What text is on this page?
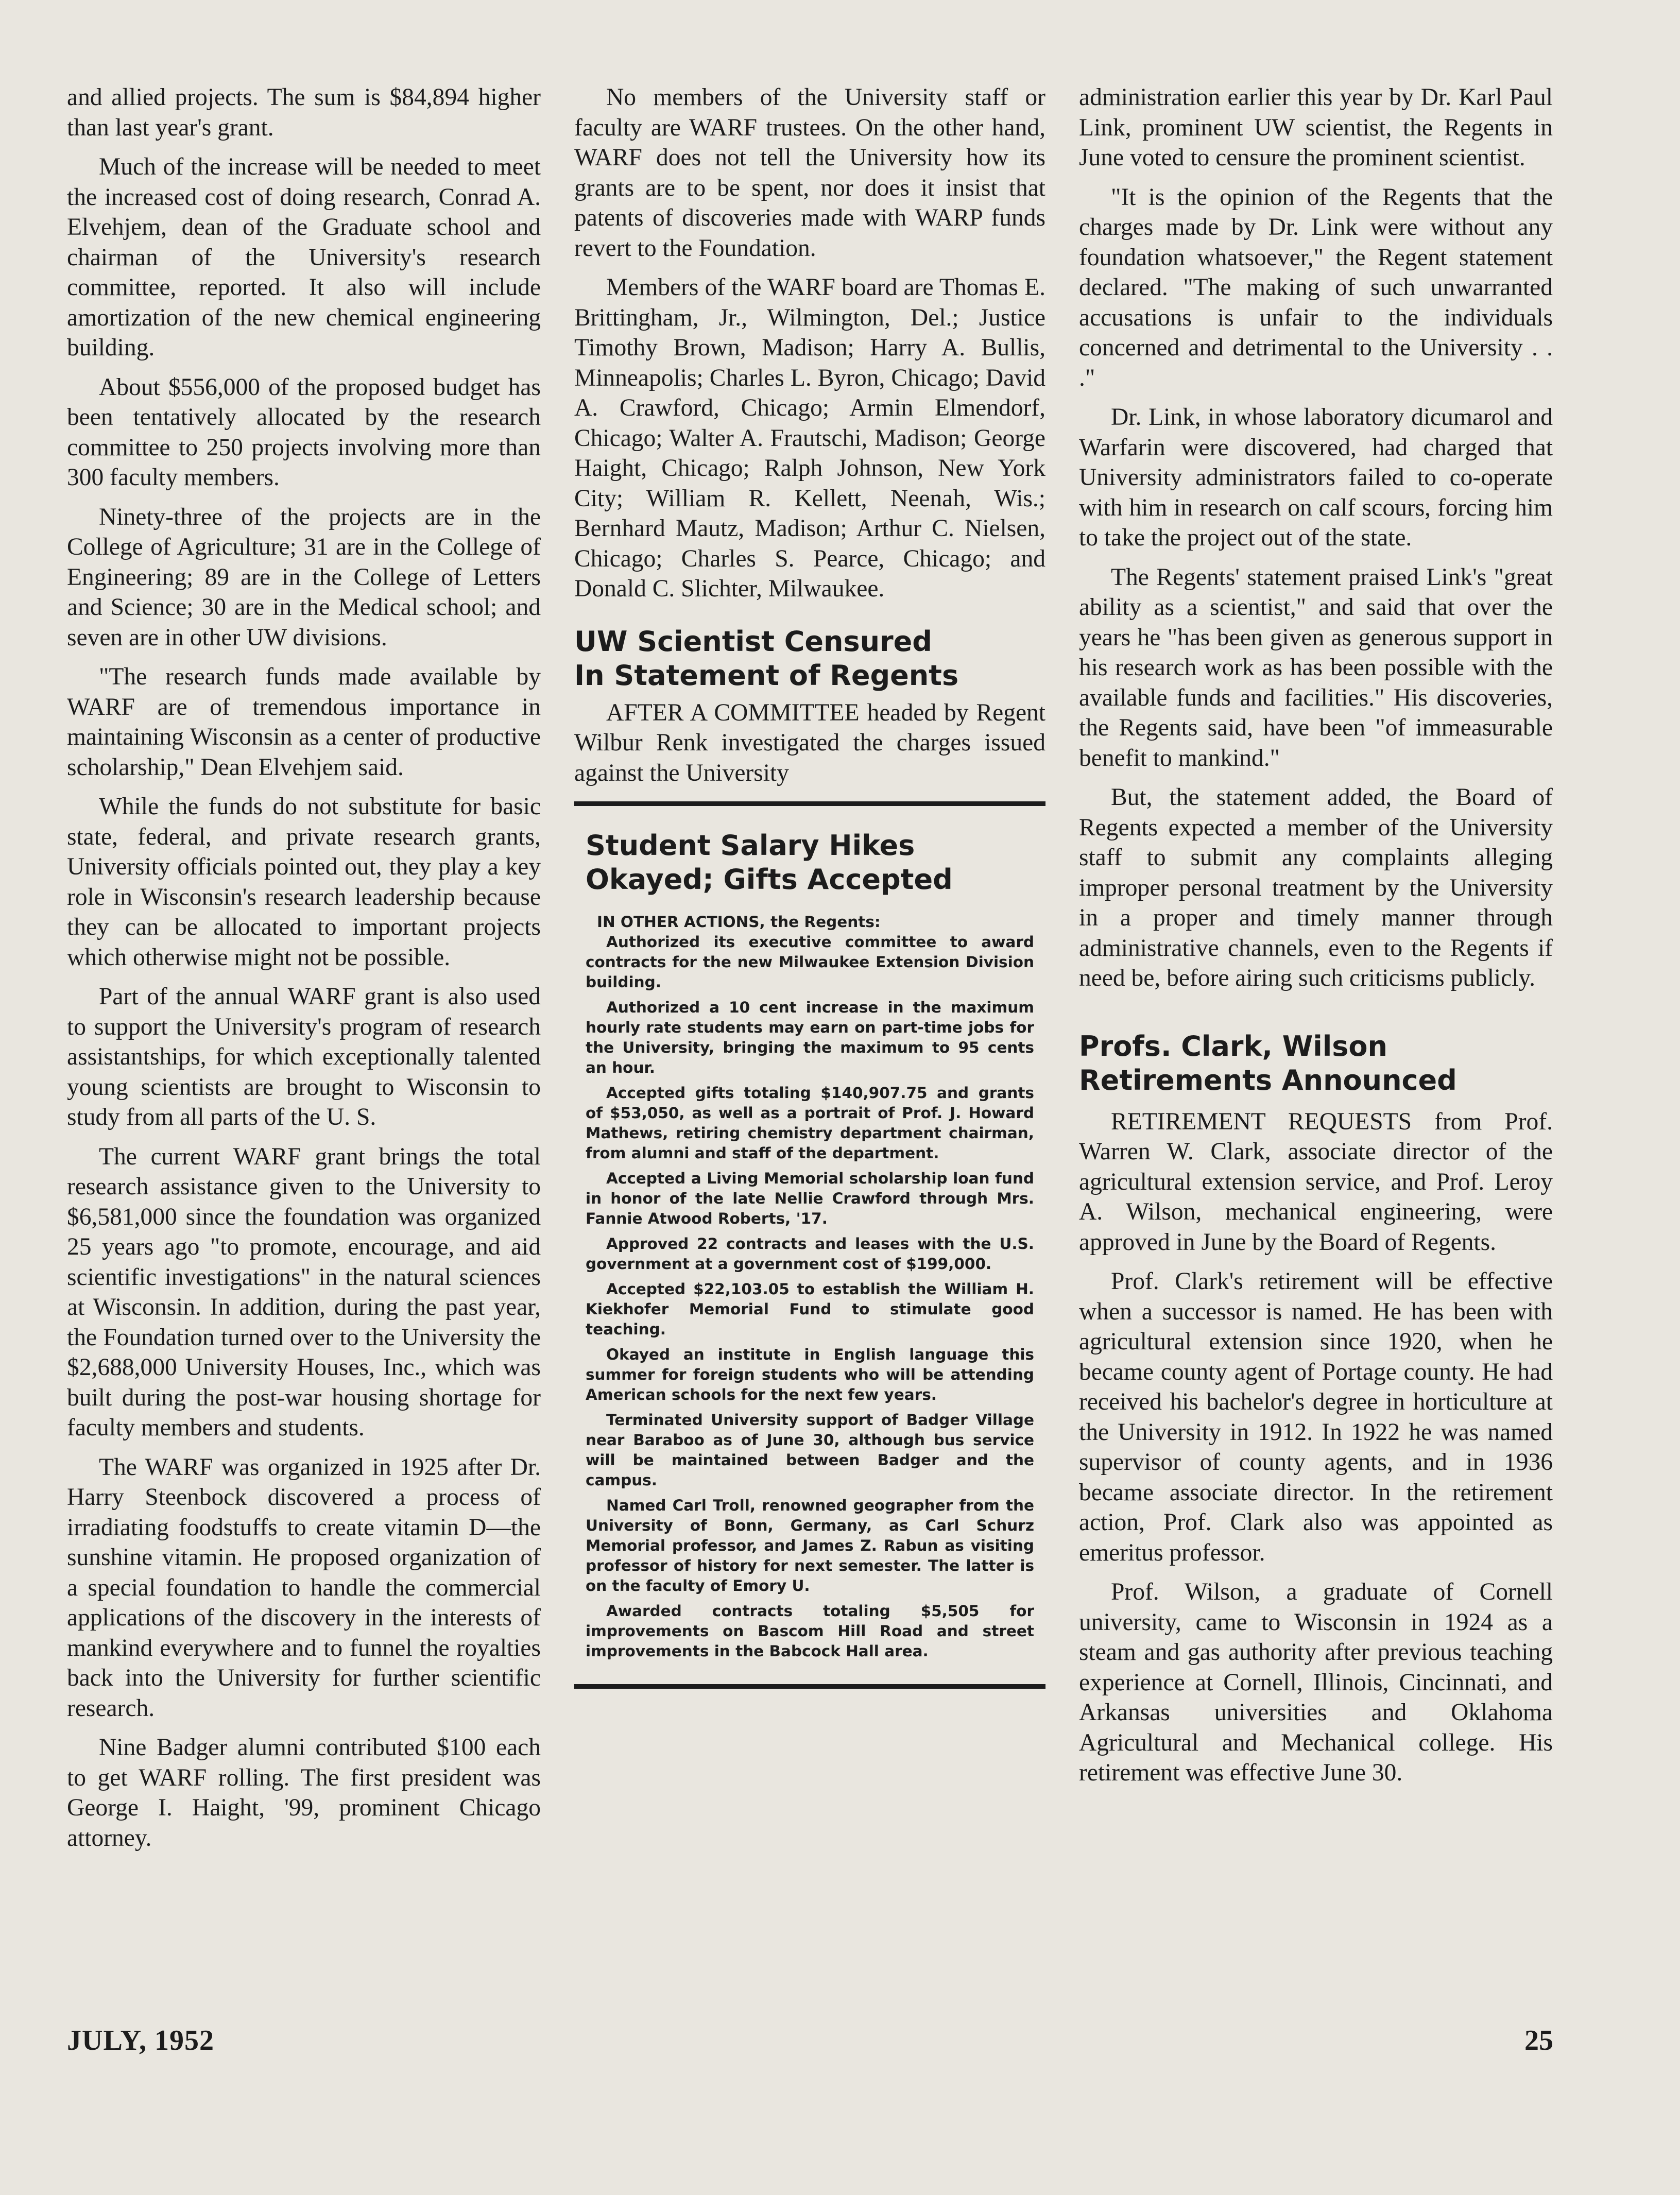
and allied projects. The sum is $84,894 higher than last year's grant.

Much of the increase will be needed to meet the increased cost of doing research, Conrad A. Elvehjem, dean of the Graduate school and chairman of the University's research committee, reported. It also will include amortization of the new chemical engineering building.

About $556,000 of the proposed budget has been tentatively allocated by the research committee to 250 projects involving more than 300 faculty members.

Ninety-three of the projects are in the College of Agriculture; 31 are in the College of Engineering; 89 are in the College of Letters and Science; 30 are in the Medical school; and seven are in other UW divisions.

"The research funds made available by WARF are of tremendous importance in maintaining Wisconsin as a center of productive scholarship," Dean Elvehjem said.

While the funds do not substitute for basic state, federal, and private research grants, University officials pointed out, they play a key role in Wisconsin's research leadership because they can be allocated to important projects which otherwise might not be possible.

Part of the annual WARF grant is also used to support the University's program of research assistantships, for which exceptionally talented young scientists are brought to Wisconsin to study from all parts of the U. S.

The current WARF grant brings the total research assistance given to the University to $6,581,000 since the foundation was organized 25 years ago "to promote, encourage, and aid scientific investigations" in the natural sciences at Wisconsin. In addition, during the past year, the Foundation turned over to the University the $2,688,000 University Houses, Inc., which was built during the post-war housing shortage for faculty members and students.

The WARF was organized in 1925 after Dr. Harry Steenbock discovered a process of irradiating foodstuffs to create vitamin D—the sunshine vitamin. He proposed organization of a special foundation to handle the commercial applications of the discovery in the interests of mankind everywhere and to funnel the royalties back into the University for further scientific research.

Nine Badger alumni contributed $100 each to get WARF rolling. The first president was George I. Haight, '99, prominent Chicago attorney.

No members of the University staff or faculty are WARF trustees. On the other hand, WARF does not tell the University how its grants are to be spent, nor does it insist that patents of discoveries made with WARP funds revert to the Foundation.

Members of the WARF board are Thomas E. Brittingham, Jr., Wilmington, Del.; Justice Timothy Brown, Madison; Harry A. Bullis, Minneapolis; Charles L. Byron, Chicago; David A. Crawford, Chicago; Armin Elmendorf, Chicago; Walter A. Frautschi, Madison; George Haight, Chicago; Ralph Johnson, New York City; William R. Kellett, Neenah, Wis.; Bernhard Mautz, Madison; Arthur C. Nielsen, Chicago; Charles S. Pearce, Chicago; and Donald C. Slichter, Milwaukee.

UW Scientist Censured
In Statement of Regents

AFTER A COMMITTEE headed by Regent Wilbur Renk investigated the charges issued against the University

Student Salary Hikes
Okayed; Gifts Accepted

IN OTHER ACTIONS, the Regents:

Authorized its executive committee to award contracts for the new Milwaukee Extension Division building.

Authorized a 10 cent increase in the maximum hourly rate students may earn on part-time jobs for the University, bringing the maximum to 95 cents an hour.

Accepted gifts totaling $140,907.75 and grants of $53,050, as well as a portrait of Prof. J. Howard Mathews, retiring chemistry department chairman, from alumni and staff of the department.

Accepted a Living Memorial scholarship loan fund in honor of the late Nellie Crawford through Mrs. Fannie Atwood Roberts, '17.

Approved 22 contracts and leases with the U.S. government at a government cost of $199,000.

Accepted $22,103.05 to establish the William H. Kiekhofer Memorial Fund to stimulate good teaching.

Okayed an institute in English language this summer for foreign students who will be attending American schools for the next few years.

Terminated University support of Badger Village near Baraboo as of June 30, although bus service will be maintained between Badger and the campus.

Named Carl Troll, renowned geographer from the University of Bonn, Germany, as Carl Schurz Memorial professor, and James Z. Rabun as visiting professor of history for next semester. The latter is on the faculty of Emory U.

Awarded contracts totaling $5,505 for improvements on Bascom Hill Road and street improvements in the Babcock Hall area.

administration earlier this year by Dr. Karl Paul Link, prominent UW scientist, the Regents in June voted to censure the prominent scientist.

"It is the opinion of the Regents that the charges made by Dr. Link were without any foundation whatsoever," the Regent statement declared. "The making of such unwarranted accusations is unfair to the individuals concerned and detrimental to the University . . ."

Dr. Link, in whose laboratory dicumarol and Warfarin were discovered, had charged that University administrators failed to co-operate with him in research on calf scours, forcing him to take the project out of the state.

The Regents' statement praised Link's "great ability as a scientist," and said that over the years he "has been given as generous support in his research work as has been possible with the available funds and facilities." His discoveries, the Regents said, have been "of immeasurable benefit to mankind."

But, the statement added, the Board of Regents expected a member of the University staff to submit any complaints alleging improper personal treatment by the University in a proper and timely manner through administrative channels, even to the Regents if need be, before airing such criticisms publicly.

Profs. Clark, Wilson
Retirements Announced

RETIREMENT REQUESTS from Prof. Warren W. Clark, associate director of the agricultural extension service, and Prof. Leroy A. Wilson, mechanical engineering, were approved in June by the Board of Regents.

Prof. Clark's retirement will be effective when a successor is named. He has been with agricultural extension since 1920, when he became county agent of Portage county. He had received his bachelor's degree in horticulture at the University in 1912. In 1922 he was named supervisor of county agents, and in 1936 became associate director. In the retirement action, Prof. Clark also was appointed as emeritus professor.

Prof. Wilson, a graduate of Cornell university, came to Wisconsin in 1924 as a steam and gas authority after previous teaching experience at Cornell, Illinois, Cincinnati, and Arkansas universities and Oklahoma Agricultural and Mechanical college. His retirement was effective June 30.

JULY, 1952	25
